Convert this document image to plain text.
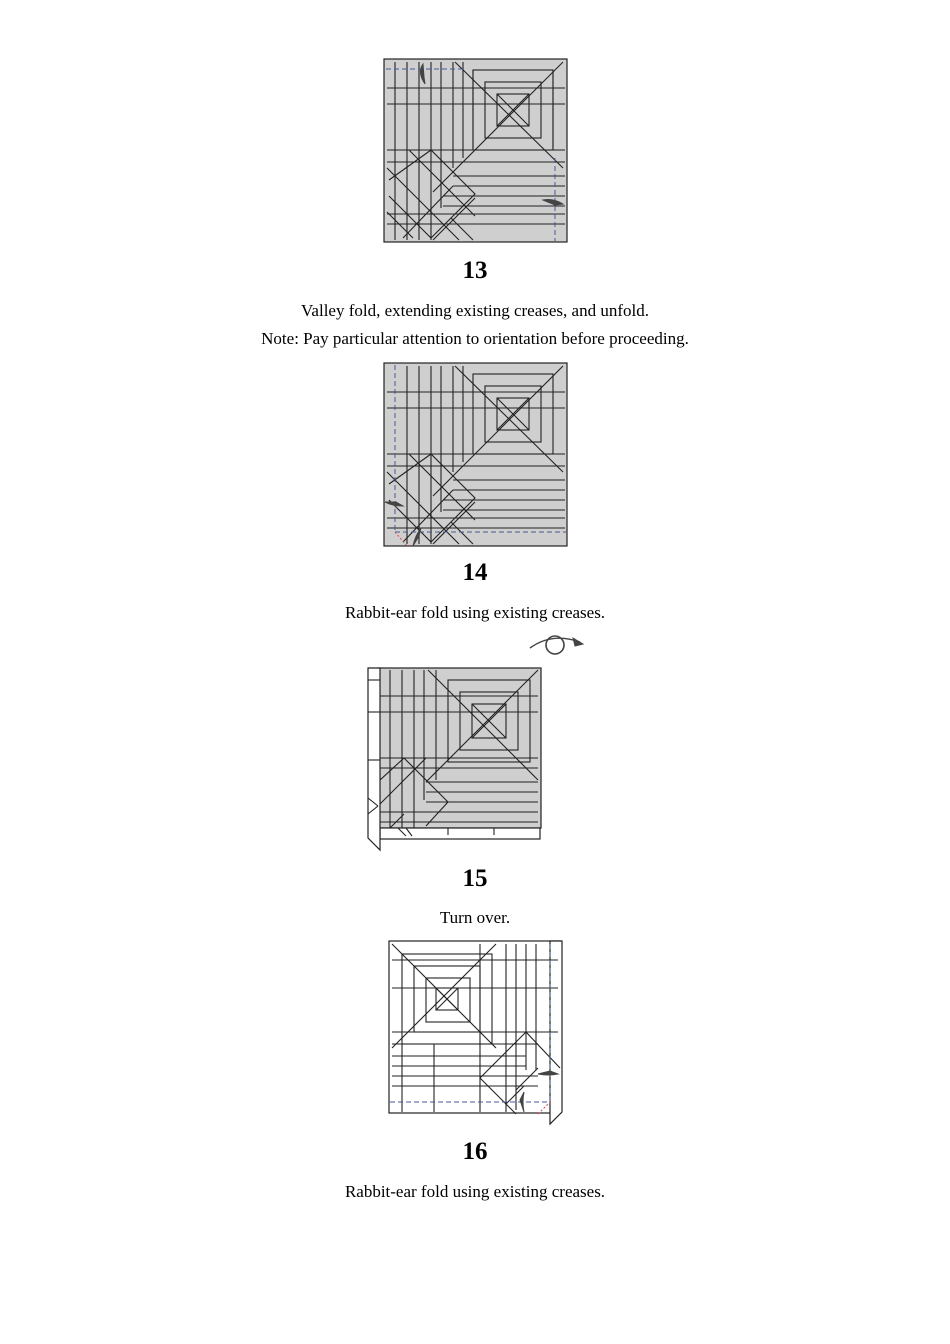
13
Valley fold, extending existing creases, and unfold.
Note: Pay particular attention to orientation before proceeding.
14
Rabbit-ear fold using existing creases.
15
Turn over.
16
Rabbit-ear fold using existing creases.
